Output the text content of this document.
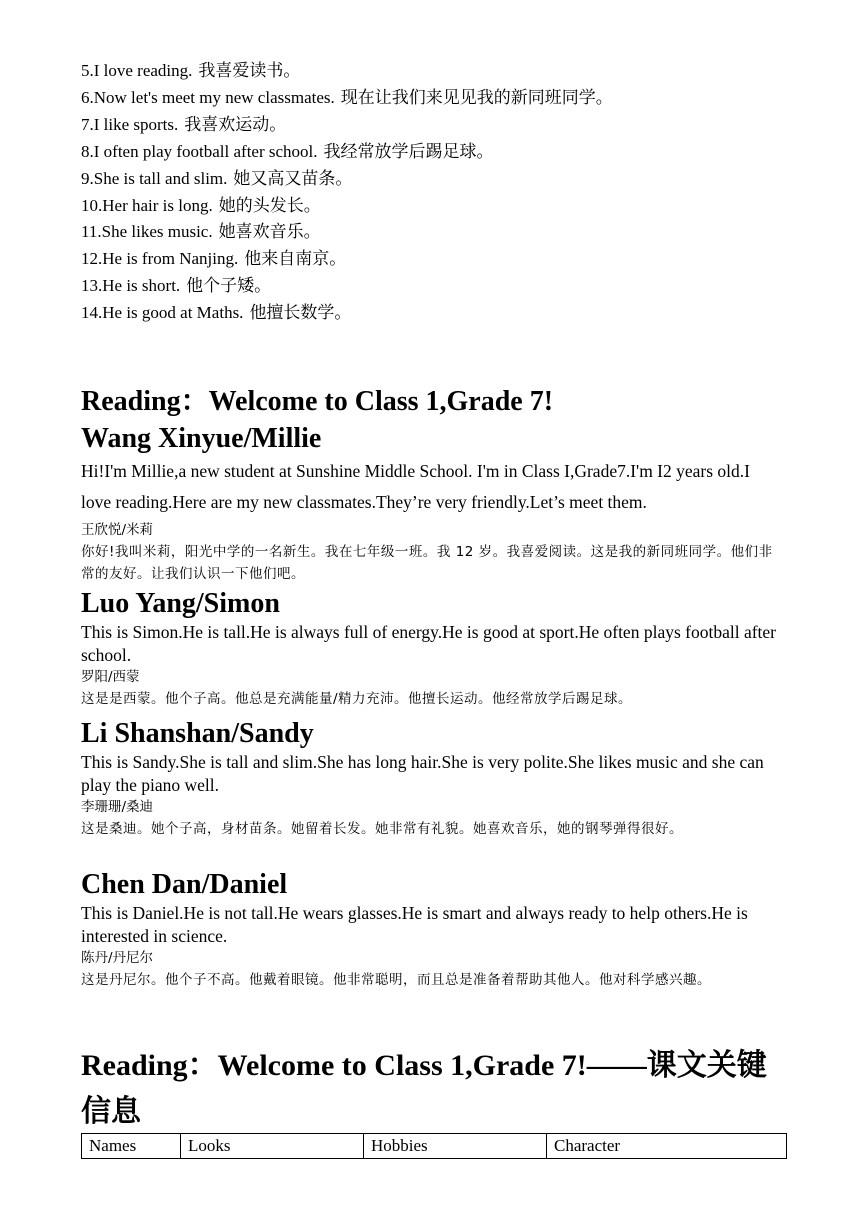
5.I love reading. 我喜爱读书。
6.Now let's meet my new classmates. 现在让我们来见见我的新同班同学。
7.I like sports. 我喜欢运动。
8.I often play football after school. 我经常放学后踢足球。
9.She is tall and slim. 她又高又苗条。
10.Her hair is long. 她的头发长。
11.She likes music. 她喜欢音乐。
12.He is from Nanjing. 他来自南京。
13.He is short. 他个子矮。
14.He is good at Maths. 他擅长数学。
Reading：Welcome to Class 1,Grade 7!
Wang Xinyue/Millie

Hi!I'm Millie,a new student at Sunshine Middle School. I'm in Class I,Grade7.I'm I2 years old.I love reading.Here are my new classmates.They’re very friendly.Let’s meet them.

王欣悦/米莉

你好!我叫米莉，阳光中学的一名新生。我在七年级一班。我 12 岁。我喜爱阅读。这是我的新同班同学。他们非常的友好。让我们认识一下他们吧。

Luo Yang/Simon

This is Simon.He is tall.He is always full of energy.He is good at sport.He often plays football after school.

罗阳/西蒙

这是是西蒙。他个子高。他总是充满能量/精力充沛。他擅长运动。他经常放学后踢足球。

Li Shanshan/Sandy

This is Sandy.She is tall and slim.She has long hair.She is very polite.She likes music and she can play the piano well.

李珊珊/桑迪

这是桑迪。她个子高，身材苗条。她留着长发。她非常有礼貌。她喜欢音乐，她的钢琴弹得很好。

Chen Dan/Daniel

This is Daniel.He is not tall.He wears glasses.He is smart and always ready to help others.He is interested in science.

陈丹/丹尼尔

这是丹尼尔。他个子不高。他戴着眼镜。他非常聪明，而且总是准备着帮助其他人。他对科学感兴趣。

Reading：Welcome to Class 1,Grade 7!——课文关键信息
Names	Looks	Hobbies	Character
